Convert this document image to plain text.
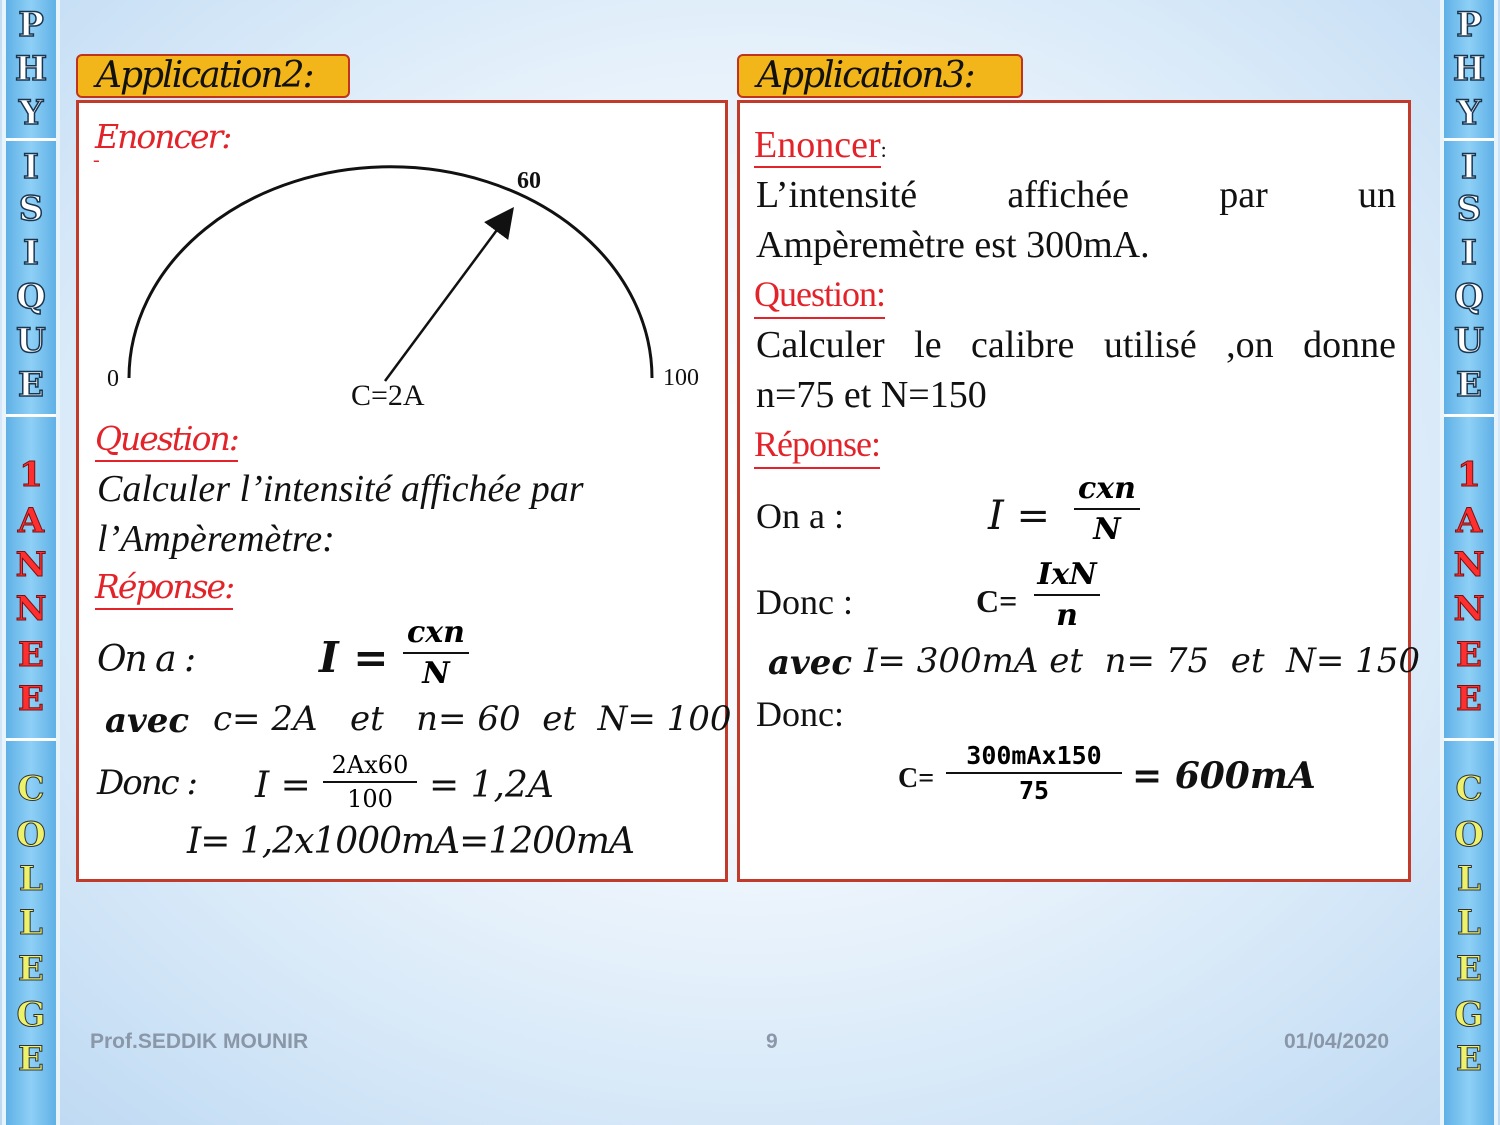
P
H
Y
I
S
I
Q
U
E
1
A
N
N
E
E
C
O
L
L
E
G
E
P
H
Y
I
S
I
Q
U
E
1
A
N
N
E
E
C
O
L
L
E
G
E
Application2:
Enoncer:
-
0
60
100
C=2A
Question:
Calculer l’intensité affichée par
l’Ampèremètre:
Réponse:
On a :	I =
cxn
N
avec c= 2A   et   n= 60  et  N= 100
Donc : $I = \frac{2Ax60}{100} = 1,2A$
I= 1,2x1000mA=1200mA
Application3:
Enoncer:
L’intensité affichée par un
Ampèremètre est 300mA.
Question:
Calculer le calibre utilisé ,on donne
n=75 et N=150
Réponse:
On a :	I =
cxn
N
Donc :	C=
IxN
n
avec I= 300mA et  n= 75  et  N= 150
Donc:
C=
300mAx150
75	= 600mA
Prof.SEDDIK MOUNIR	9	01/04/2020
